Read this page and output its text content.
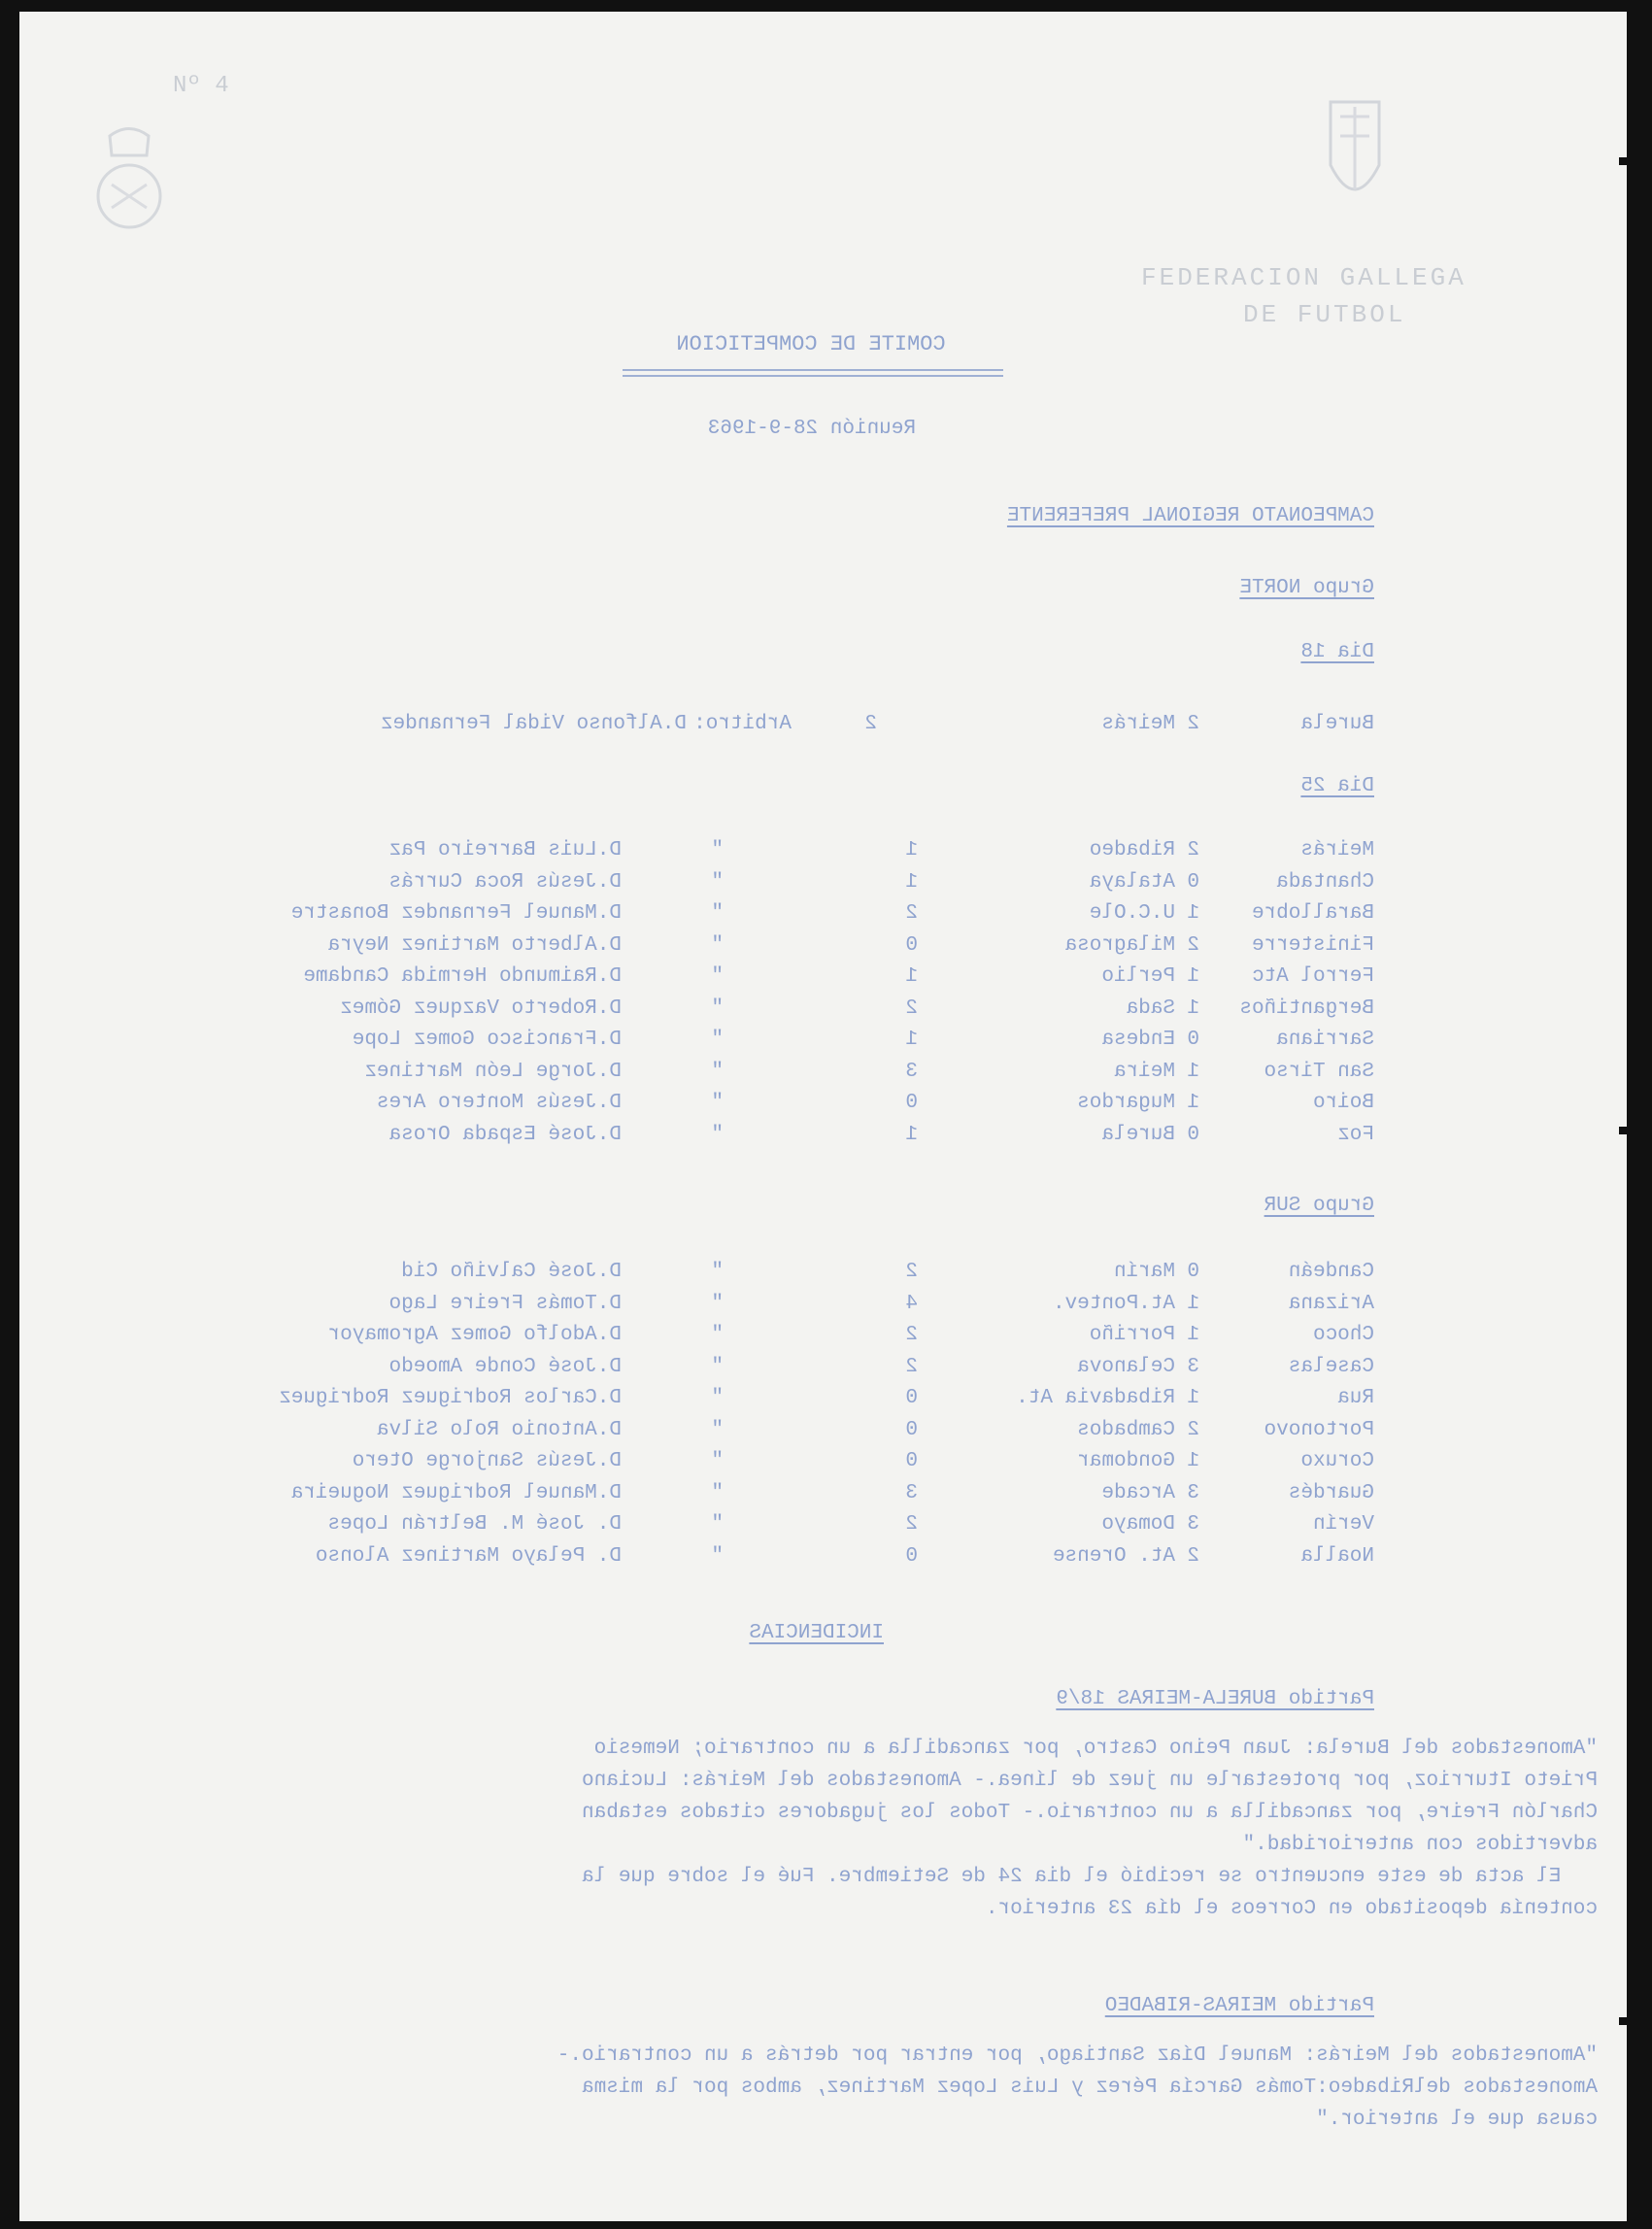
FEDERACION GALLEGA
DE FUTBOL
Nº 4
COMITE DE COMPETICION
Reunión 28-9-1963
CAMPEONATO REGIONAL PREFERENTE
Grupo NORTE
Dia 18
Burela
2
Meirás
2
Arbitro:
D.Alfonso Vidal Fernandez
Dia 25
Meirás
2
Ribadeo
1
"
D.Luis Barreiro Paz
Chantada
0
Atalaya
1
"
D.Jesús Roca Currás
Barallobre
1
U.C.Ole
2
"
D.Manuel Fernandez Bonastre
Finisterre
2
Milagrosa
0
"
D.Alberto Martinez Neyra
Ferrol Atc
1
Perlio
1
"
D.Raimundo Hermida Candame
Bergantiños
1
Sada
2
"
D.Roberto Vazquez Gómez
Sarriana
0
Endesa
1
"
D.Francisco Gomez Lope
San Tirso
1
Meira
3
"
D.Jorge León Martinez
Boiro
1
Mugardos
0
"
D.Jesús Montero Ares
Foz
0
Burela
1
"
D.José Espada Orosa
Grupo SUR
Candeán
0
Marín
2
"
D.José Calviño Cid
Arizana
1
At.Pontev.
4
"
D.Tomás Freire Lago
Choco
1
Porriño
2
"
D.Adolfo Gomez Agromayor
Caselas
3
Celanova
2
"
D.José Conde Amoedo
Rua
1
Ribadavia At.
0
"
D.Carlos Rodriguez Rodriguez
Portonovo
2
Cambados
0
"
D.Antonio Rolo Silva
Coruxo
1
Gondomar
0
"
D.Jesús Sanjorge Otero
Guardés
3
Arcade
3
"
D.Manuel Rodriguez Nogueira
Verín
3
Domayo
2
"
D. José M. Beltrán Lopes
Noalla
2
At. Orense
0
"
D. Pelayo Martinez Alonso
INCIDENCIAS
Partido BURELA-MEIRAS 18/9
"Amonestados del Burela: Juan Peino Castro, por zancadilla a un contrario; Nemesio
Prieto Iturrioz, por protestarle un juez de línea.- Amonestados del Meirás: Luciano
Charlón Freire, por zancadilla a un contrario.- Todos los jugadores citados estaban
advertidos con anterioridad."
El acta de este encuentro se recibió el dia 24 de Setiembre. Fué el sobre que la
contenía depositado en Correos el día 23 anterior.
Partido MEIRAS-RIBADEO
"Amonestados del Meirás: Manuel Díaz Santiago, por entrar por detrás a un contrario.-
Amonestados delRibadeo:Tomás García Pérez y Luis Lopez Martinez, ambos por la misma
causa que el anterior."
